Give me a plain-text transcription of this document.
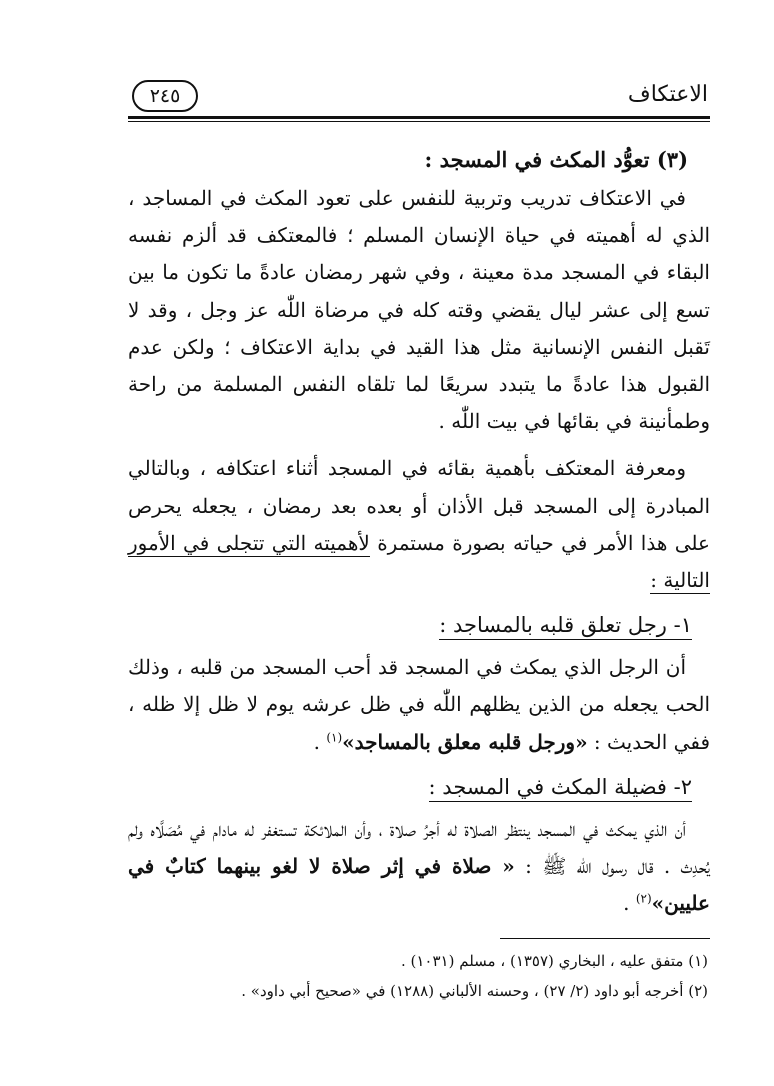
الاعتكاف
٢٤٥
(٣) تعوُّد المكث في المسجد :

في الاعتكاف تدريب وتربية للنفس على تعود المكث في المساجد ، الذي له أهميته في حياة الإنسان المسلم ؛ فالمعتكف قد ألزم نفسه البقاء في المسجد مدة معينة ، وفي شهر رمضان عادةً ما تكون ما بين تسع إلى عشر ليال يقضي وقته كله في مرضاة اللّٰه عز وجل ، وقد لا تَقبل النفس الإنسانية مثل هذا القيد في بداية الاعتكاف ؛ ولكن عدم القبول هذا عادةً ما يتبدد سريعًا لما تلقاه النفس المسلمة من راحة وطمأنينة في بقائها في بيت اللّٰه .

ومعرفة المعتكف بأهمية بقائه في المسجد أثناء اعتكافه ، وبالتالي المبادرة إلى المسجد قبل الأذان أو بعده بعد رمضان ، يجعله يحرص على هذا الأمر في حياته بصورة مستمرة لأهميته التي تتجلى في الأمور التالية :

١- رجل تعلق قلبه بالمساجد :

أن الرجل الذي يمكث في المسجد قد أحب المسجد من قلبه ، وذلك الحب يجعله من الذين يظلهم اللّٰه في ظل عرشه يوم لا ظل إلا ظله ، ففي الحديث : «ورجل قلبه معلق بالمساجد»$^{(١)}$ .

٢- فضيلة المكث في المسجد :

أن الذي يمكث في المسجد ينتظر الصلاة له أجرُ صلاة ، وأن الملائكة تستغفر له مادام في مُصَلَّاه ولم يُحدِث . قال رسول اللّٰه ﷺ : « صلاة في إثر صلاة لا لغو بينهما كتابٌ في عليين»$^{(٢)}$ .

(١) متفق عليه ، البخاري (١٣٥٧) ، مسلم (١٠٣١) .
(٢) أخرجه أبو داود (٢/ ٢٧) ، وحسنه الألباني (١٢٨٨) في «صحيح أبي داود» .
